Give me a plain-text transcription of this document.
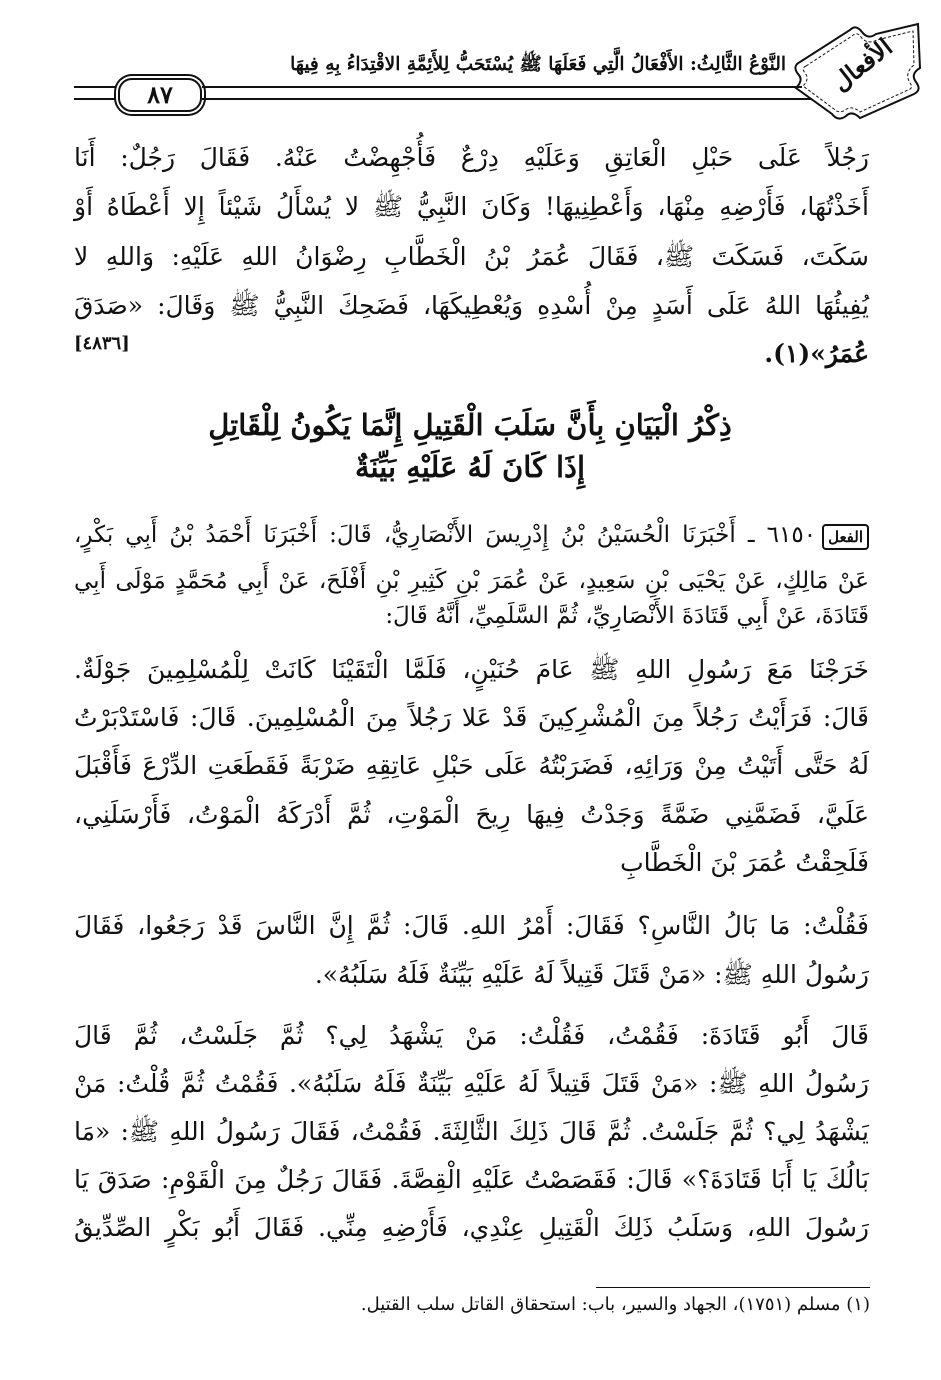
النَّوْعُ الثَّالِثُ: الأَفْعَالُ الَّتِي فَعَلَهَا ﷺ يُسْتَحَبُّ لِلأَئِمَّةِ الاقْتِدَاءُ بِهِ فِيهَا الأفعال
٨٧
رَجُلاً عَلَى حَبْلِ الْعَاتِقِ وَعَلَيْهِ دِرْعٌ فَأُجْهِضْتُ عَنْهُ. فَقَالَ رَجُلٌ: أَنَا
أَخَذْتُهَا، فَأَرْضِهِ مِنْهَا، وَأَعْطِنِيهَا! وَكَانَ النَّبِيُّ ﷺ لا يُسْأَلُ شَيْئاً إِلا أَعْطَاهُ أَوْ
سَكَتَ، فَسَكَتَ ﷺ، فَقَالَ عُمَرُ بْنُ الْخَطَّابِ رِضْوَانُ اللهِ عَلَيْهِ: وَاللهِ لا
يُفِيئُهَا اللهُ عَلَى أَسَدٍ مِنْ أُسْدِهِ وَيُعْطِيكَهَا، فَضَحِكَ النَّبِيُّ ﷺ وَقَالَ: «صَدَقَ
عُمَرُ»(١).
[٤٨٣٦]
ذِكْرُ الْبَيَانِ بِأَنَّ سَلَبَ الْقَتِيلِ إِنَّمَا يَكُونُ لِلْقَاتِلِ
إِذَا كَانَ لَهُ عَلَيْهِ بَيِّنَةٌ
الفعل٦١٥٠ ـ أَخْبَرَنَا الْحُسَيْنُ بْنُ إِدْرِيسَ الأَنْصَارِيُّ، قَالَ: أَخْبَرَنَا أَحْمَدُ بْنُ أَبِي بَكْرٍ،
عَنْ مَالِكٍ، عَنْ يَحْيَى بْنِ سَعِيدٍ، عَنْ عُمَرَ بْنِ كَثِيرِ بْنِ أَفْلَحَ، عَنْ أَبِي مُحَمَّدٍ مَوْلَى أَبِي
قَتَادَةَ، عَنْ أَبِي قَتَادَةَ الأَنْصَارِيِّ، ثُمَّ السَّلَمِيِّ، أَنَّهُ قَالَ:
خَرَجْنَا مَعَ رَسُولِ اللهِ ﷺ عَامَ حُنَيْنٍ، فَلَمَّا الْتَقَيْنَا كَانَتْ لِلْمُسْلِمِينَ جَوْلَةٌ.
قَالَ: فَرَأَيْتُ رَجُلاً مِنَ الْمُشْرِكِينَ قَدْ عَلا رَجُلاً مِنَ الْمُسْلِمِينَ. قَالَ: فَاسْتَدْبَرْتُ
لَهُ حَتَّى أَتَيْتُ مِنْ وَرَائِهِ، فَضَرَبْتُهُ عَلَى حَبْلِ عَاتِقِهِ ضَرْبَةً فَقَطَعَتِ الدِّرْعَ فَأَقْبَلَ
عَلَيَّ، فَضَمَّنِي ضَمَّةً وَجَدْتُ فِيهَا رِيحَ الْمَوْتِ، ثُمَّ أَدْرَكَهُ الْمَوْتُ، فَأَرْسَلَنِي،
فَلَحِقْتُ عُمَرَ بْنَ الْخَطَّابِ
فَقُلْتُ: مَا بَالُ النَّاسِ؟ فَقَالَ: أَمْرُ اللهِ. قَالَ: ثُمَّ إِنَّ النَّاسَ قَدْ رَجَعُوا، فَقَالَ
رَسُولُ اللهِ ﷺ: «مَنْ قَتَلَ قَتِيلاً لَهُ عَلَيْهِ بَيِّنَةٌ فَلَهُ سَلَبُهُ».
قَالَ أَبُو قَتَادَةَ: فَقُمْتُ، فَقُلْتُ: مَنْ يَشْهَدُ لِي؟ ثُمَّ جَلَسْتُ، ثُمَّ قَالَ
رَسُولُ اللهِ ﷺ: «مَنْ قَتَلَ قَتِيلاً لَهُ عَلَيْهِ بَيِّنَةٌ فَلَهُ سَلَبُهُ». فَقُمْتُ ثُمَّ قُلْتُ: مَنْ
يَشْهَدُ لِي؟ ثُمَّ جَلَسْتُ. ثُمَّ قَالَ ذَلِكَ الثَّالِثَةَ. فَقُمْتُ، فَقَالَ رَسُولُ اللهِ ﷺ: «مَا
بَالُكَ يَا أَبَا قَتَادَةَ؟» قَالَ: فَقَصَصْتُ عَلَيْهِ الْقِصَّةَ. فَقَالَ رَجُلٌ مِنَ الْقَوْمِ: صَدَقَ يَا
رَسُولَ اللهِ، وَسَلَبُ ذَلِكَ الْقَتِيلِ عِنْدِي، فَأَرْضِهِ مِنِّي. فَقَالَ أَبُو بَكْرٍ الصِّدِّيقُ
(١) مسلم (١٧٥١)، الجهاد والسير، باب: استحقاق القاتل سلب القتيل.
